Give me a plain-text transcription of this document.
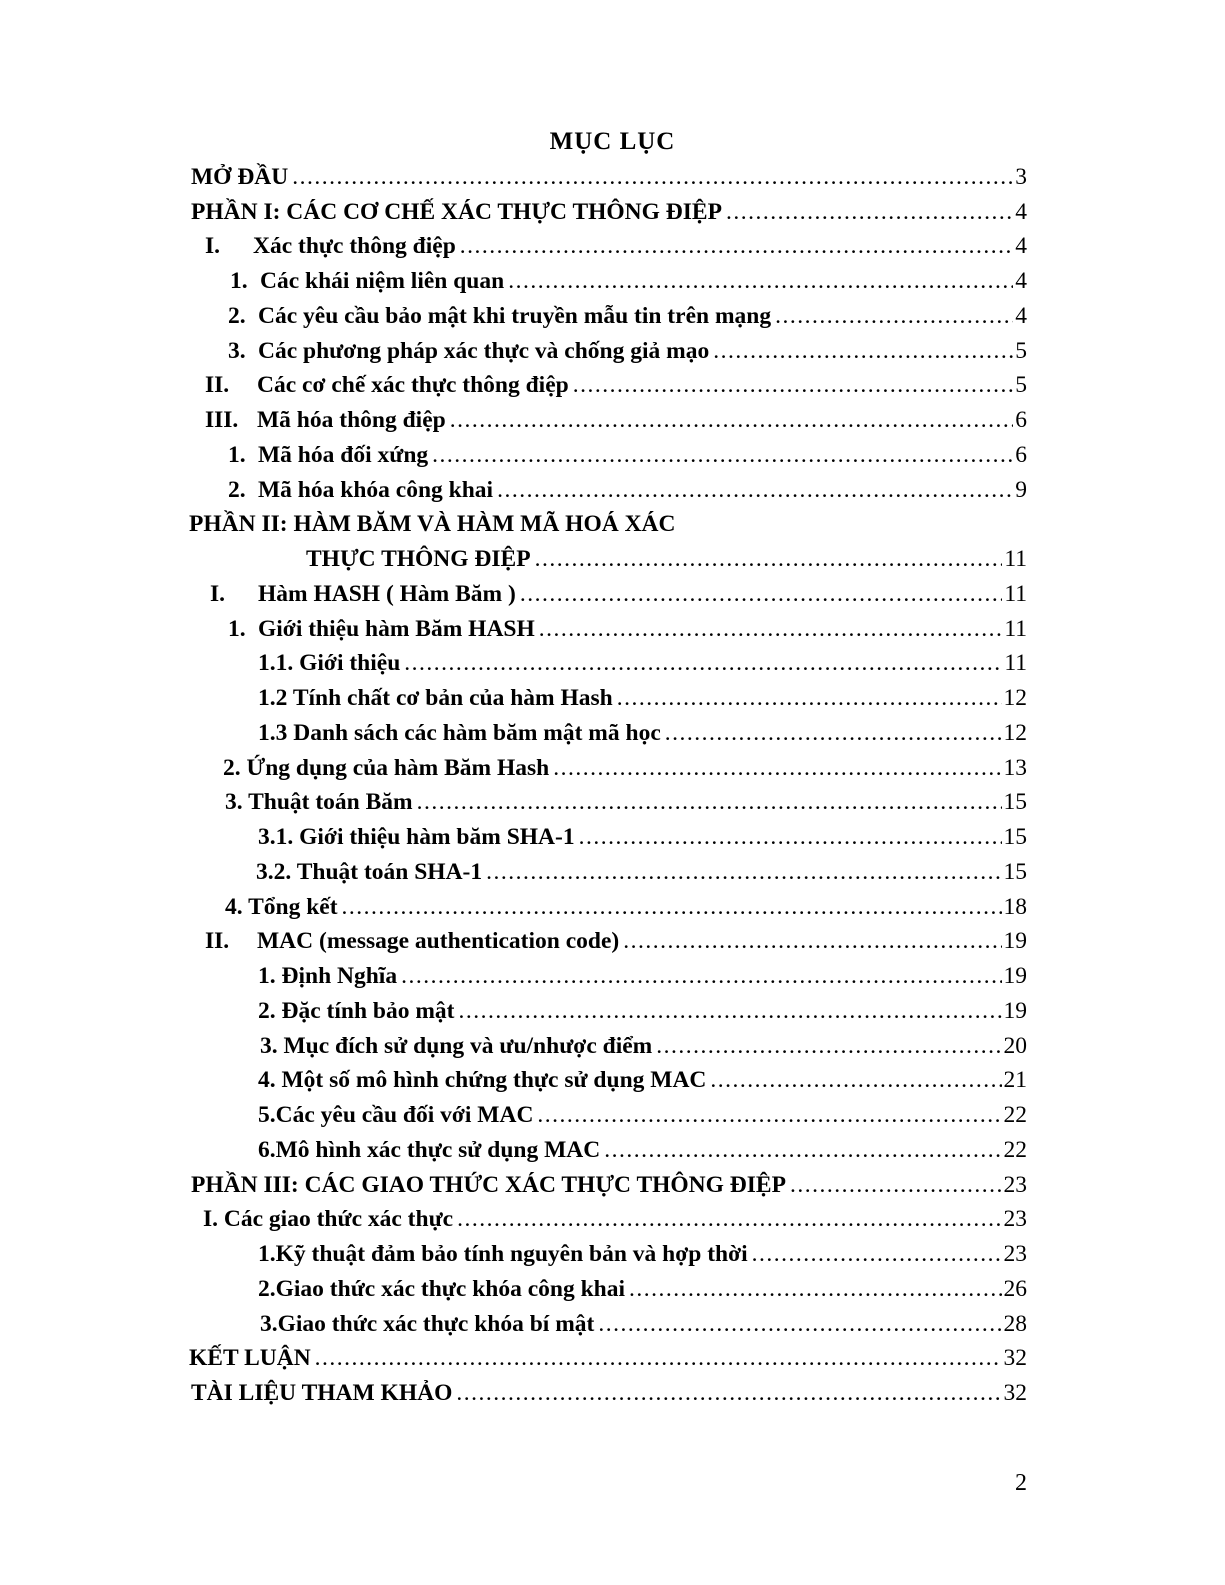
MỤC LỤC
MỞ ĐẦU .....	3
PHẦN I: CÁC CƠ CHẾ XÁC THỰC THÔNG ĐIỆP .....	4
I. Xác thực thông điệp .....	4
1. Các khái niệm liên quan .....	4
2. Các yêu cầu bảo mật khi truyền mẫu tin trên mạng .....	4
3. Các phương pháp xác thực và chống giả mạo .....	5
II. Các cơ chế xác thực thông điệp .....	5
III. Mã hóa thông điệp .....	6
1. Mã hóa đối xứng .....	6
2. Mã hóa khóa công khai .....	9
PHẦN II: HÀM BĂM VÀ HÀM MÃ HOÁ XÁC
THỰC THÔNG ĐIỆP .....	11
I. Hàm HASH ( Hàm Băm ) .....	11
1. Giới thiệu hàm Băm HASH .....	11
1.1. Giới thiệu .....	11
1.2 Tính chất cơ bản của hàm Hash .....	12
1.3 Danh sách các hàm băm mật mã học .....	12
2. Ứng dụng của hàm Băm Hash .....	13
3. Thuật toán Băm .....	15
3.1. Giới thiệu hàm băm SHA-1 .....	15
3.2. Thuật toán SHA-1 .....	15
4. Tổng kết .....	18
II. MAC (message authentication code) .....	19
1. Định Nghĩa .....	19
2. Đặc tính bảo mật .....	19
3. Mục đích sử dụng và ưu/nhược điểm .....	20
4. Một số mô hình chứng thực sử dụng MAC .....	21
5.Các yêu cầu đối với MAC .....	22
6.Mô hình xác thực sử dụng MAC .....	22
PHẦN III: CÁC GIAO THỨC XÁC THỰC THÔNG ĐIỆP .....	23
I. Các giao thức xác thực .....	23
1.Kỹ thuật đảm bảo tính nguyên bản và hợp thời .....	23
2.Giao thức xác thực khóa công khai .....	26
3.Giao thức xác thực khóa bí mật .....	28
KẾT LUẬN .....	32
TÀI LIỆU THAM KHẢO .....	32

2
